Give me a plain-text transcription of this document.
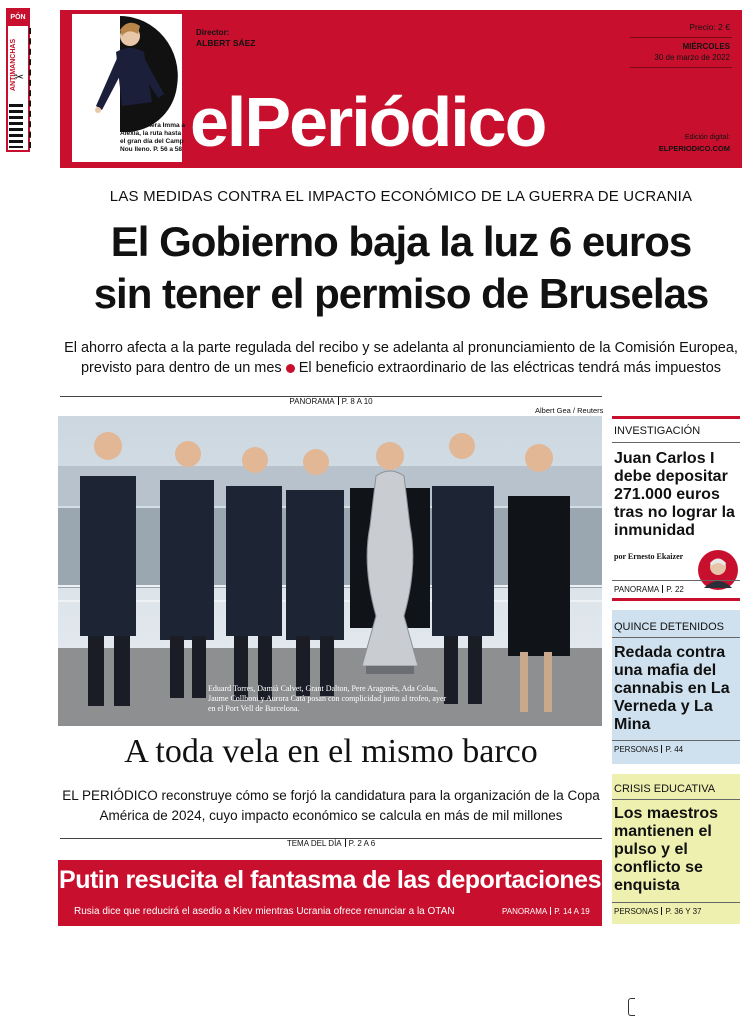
PÓN
ANTIMANCHAS
✂
De la pionera Imma a Alexia, la ruta hasta el gran día del Camp Nou lleno. P. 56 a 58
Director:
ALBERT SÁEZ
elPeriódico
Precio: 2 €
MIÉRCOLES
30 de marzo de 2022
Edición digital:
ELPERIODICO.COM
LAS MEDIDAS CONTRA EL IMPACTO ECONÓMICO DE LA GUERRA DE UCRANIA
El Gobierno baja la luz 6 euros
sin tener el permiso de Bruselas
El ahorro afecta a la parte regulada del recibo y se adelanta al pronunciamiento de la Comisión Europea, previsto para dentro de un mes El beneficio extraordinario de las eléctricas tendrá más impuestos
PANORAMA P. 8 A 10
Albert Gea / Reuters
Eduard Torres, Damià Calvet, Grant Dalton, Pere Aragonès, Ada Colau, Jaume Collboni y Aurora Catà posan con complicidad junto al trofeo, ayer en el Port Vell de Barcelona.
A toda vela en el mismo barco
EL PERIÓDICO reconstruye cómo se forjó la candidatura para la organización de la Copa América de 2024, cuyo impacto económico se calcula en más de mil millones
TEMA DEL DÍA P. 2 A 6
Putin resucita el fantasma de las deportaciones
Rusia dice que reducirá el asedio a Kiev mientras Ucrania ofrece renunciar a la OTAN	PANORAMA P. 14 A 19
INVESTIGACIÓN
Juan Carlos I debe depositar 271.000 euros tras no lograr la inmunidad
por Ernesto Ekaizer
PANORAMA P. 22
QUINCE DETENIDOS
Redada contra una mafia del cannabis en La Verneda y La Mina
PERSONAS P. 44
CRISIS EDUCATIVA
Los maestros mantienen el pulso y el conflicto se enquista
PERSONAS P. 36 Y 37
